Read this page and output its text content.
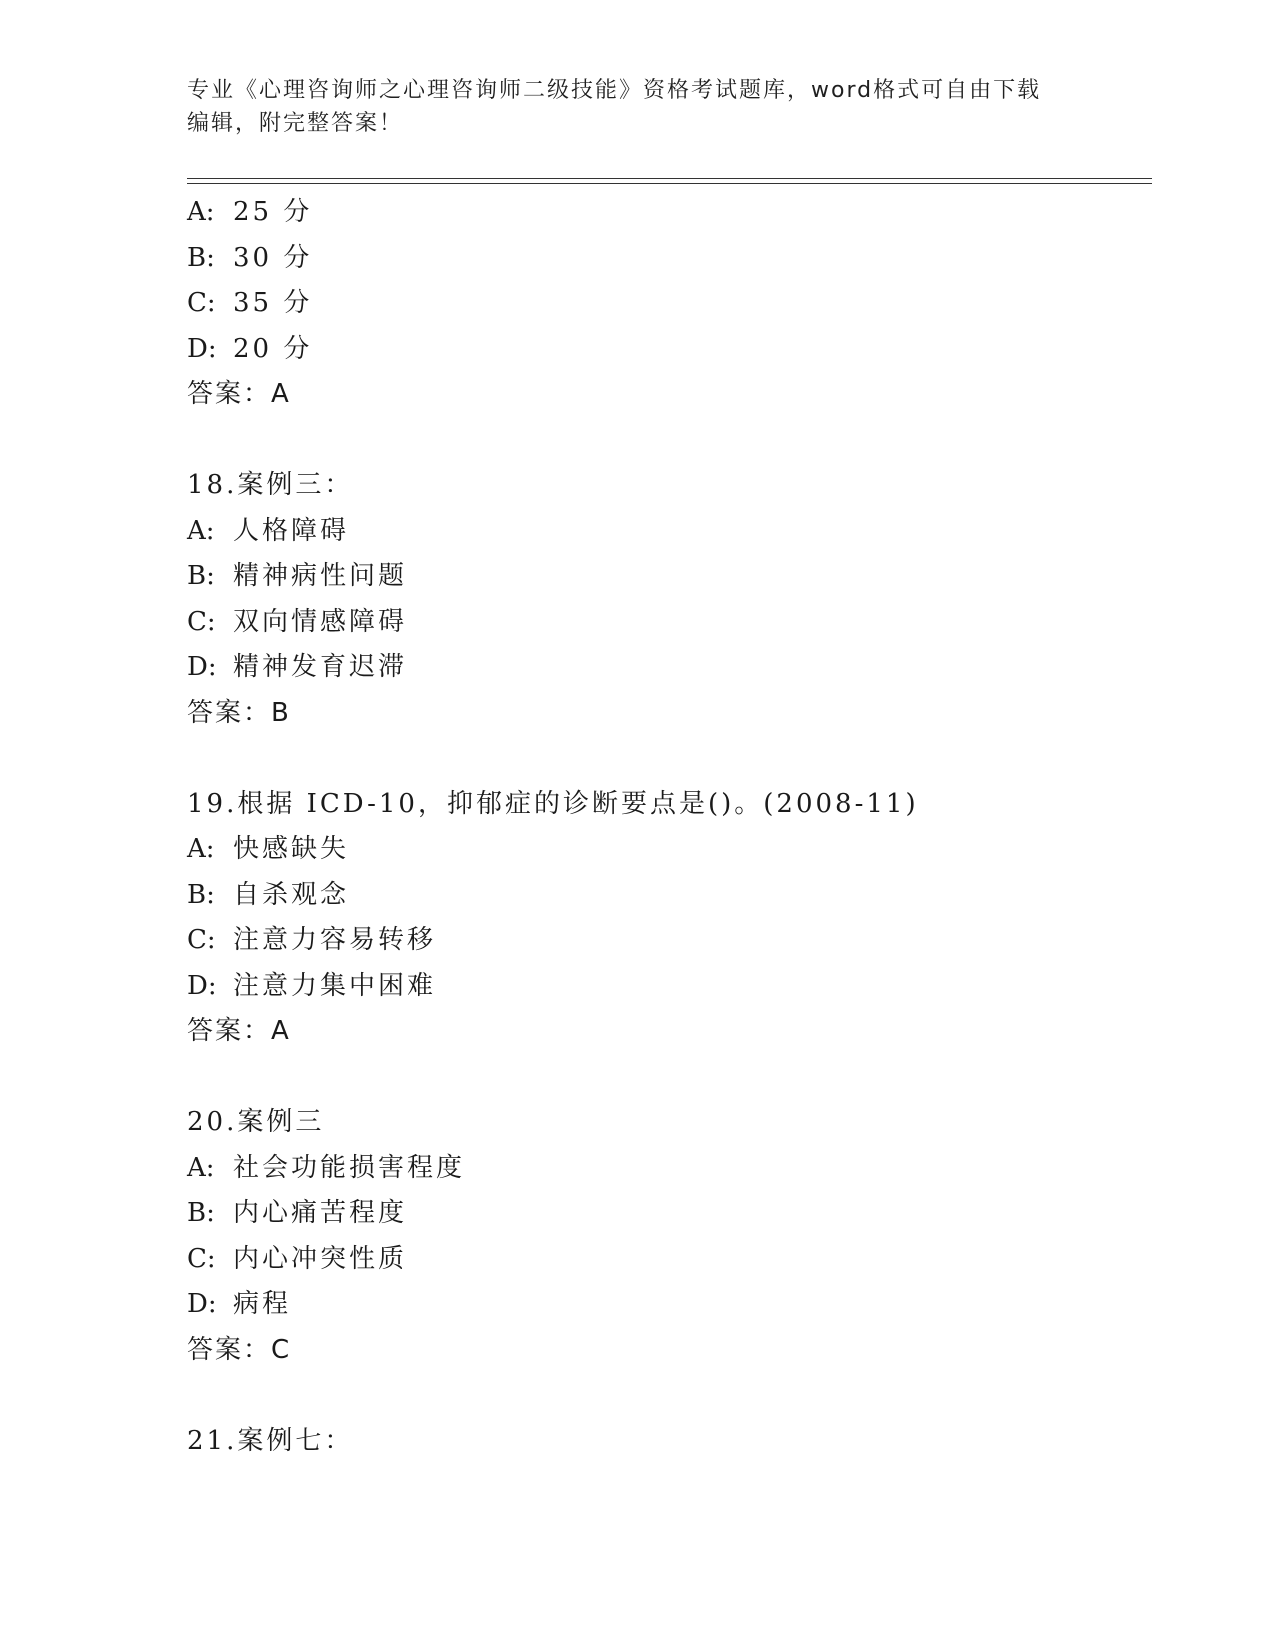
专业《心理咨询师之心理咨询师二级技能》资格考试题库，word格式可自由下载
编辑，附完整答案！
A: 25 分
B: 30 分
C: 35 分
D: 20 分
答案：A
18.案例三：
A: 人格障碍
B: 精神病性问题
C: 双向情感障碍
D: 精神发育迟滞
答案：B
19.根据 ICD-10，抑郁症的诊断要点是()。(2008-11)
A: 快感缺失
B: 自杀观念
C: 注意力容易转移
D: 注意力集中困难
答案：A
20.案例三
A: 社会功能损害程度
B: 内心痛苦程度
C: 内心冲突性质
D: 病程
答案：C
21.案例七：
